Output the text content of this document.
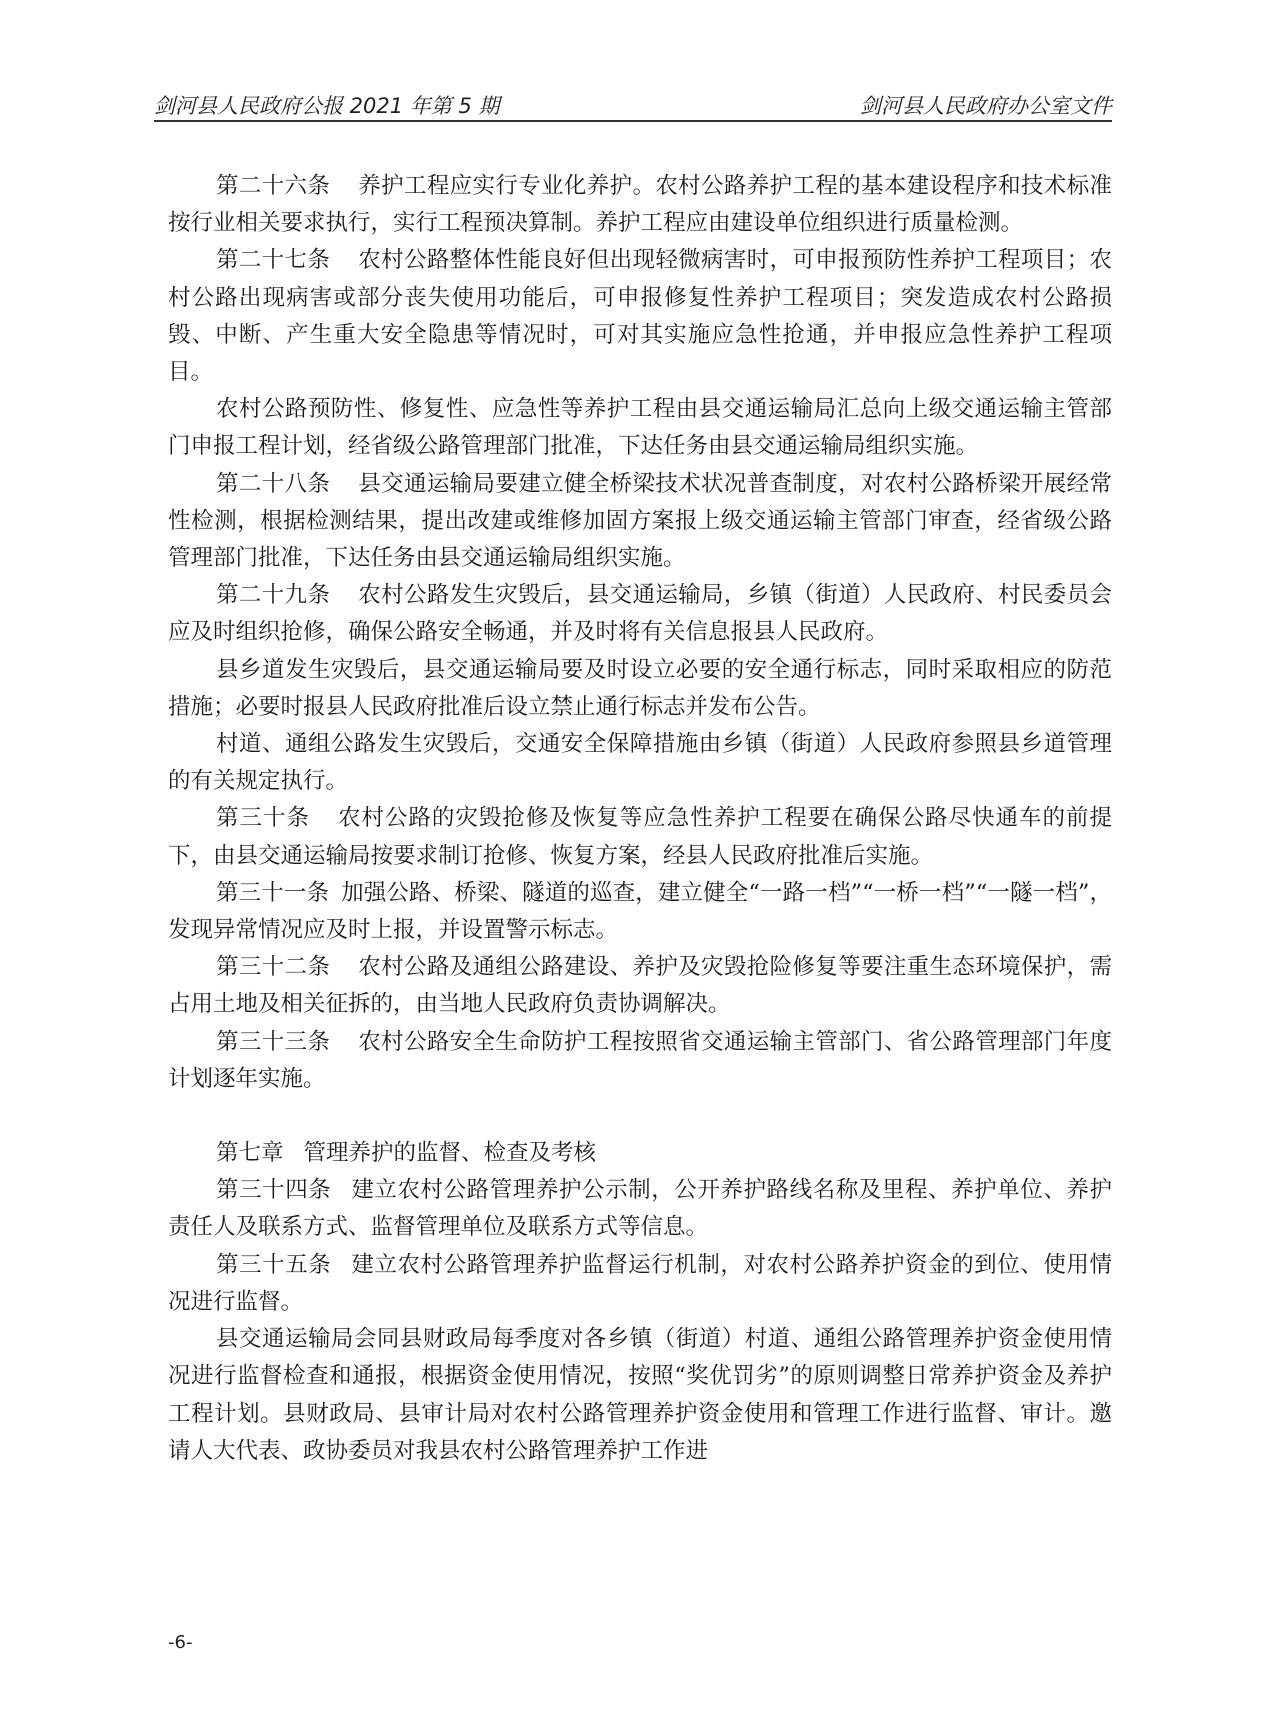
剑河县人民政府公报 2021 年第 5 期	剑河县人民政府办公室文件

第二十六条 养护工程应实行专业化养护。农村公路养护工程的基本建设程序和技术标准按行业相关要求执行，实行工程预决算制。养护工程应由建设单位组织进行质量检测。

第二十七条 农村公路整体性能良好但出现轻微病害时，可申报预防性养护工程项目；农村公路出现病害或部分丧失使用功能后，可申报修复性养护工程项目；突发造成农村公路损毁、中断、产生重大安全隐患等情况时，可对其实施应急性抢通，并申报应急性养护工程项目。

农村公路预防性、修复性、应急性等养护工程由县交通运输局汇总向上级交通运输主管部门申报工程计划，经省级公路管理部门批准，下达任务由县交通运输局组织实施。

第二十八条 县交通运输局要建立健全桥梁技术状况普查制度，对农村公路桥梁开展经常性检测，根据检测结果，提出改建或维修加固方案报上级交通运输主管部门审查，经省级公路管理部门批准，下达任务由县交通运输局组织实施。

第二十九条 农村公路发生灾毁后，县交通运输局，乡镇（街道）人民政府、村民委员会应及时组织抢修，确保公路安全畅通，并及时将有关信息报县人民政府。

县乡道发生灾毁后，县交通运输局要及时设立必要的安全通行标志，同时采取相应的防范措施；必要时报县人民政府批准后设立禁止通行标志并发布公告。

村道、通组公路发生灾毁后，交通安全保障措施由乡镇（街道）人民政府参照县乡道管理的有关规定执行。

第三十条 农村公路的灾毁抢修及恢复等应急性养护工程要在确保公路尽快通车的前提下，由县交通运输局按要求制订抢修、恢复方案，经县人民政府批准后实施。

第三十一条 加强公路、桥梁、隧道的巡查，建立健全“一路一档”“一桥一档”“一隧一档”，发现异常情况应及时上报，并设置警示标志。

第三十二条 农村公路及通组公路建设、养护及灾毁抢险修复等要注重生态环境保护，需占用土地及相关征拆的，由当地人民政府负责协调解决。

第三十三条 农村公路安全生命防护工程按照省交通运输主管部门、省公路管理部门年度计划逐年实施。

第七章 管理养护的监督、检查及考核

第三十四条 建立农村公路管理养护公示制，公开养护路线名称及里程、养护单位、养护责任人及联系方式、监督管理单位及联系方式等信息。

第三十五条 建立农村公路管理养护监督运行机制，对农村公路养护资金的到位、使用情况进行监督。

县交通运输局会同县财政局每季度对各乡镇（街道）村道、通组公路管理养护资金使用情况进行监督检查和通报，根据资金使用情况，按照“奖优罚劣”的原则调整日常养护资金及养护工程计划。县财政局、县审计局对农村公路管理养护资金使用和管理工作进行监督、审计。邀请人大代表、政协委员对我县农村公路管理养护工作进

-6-
